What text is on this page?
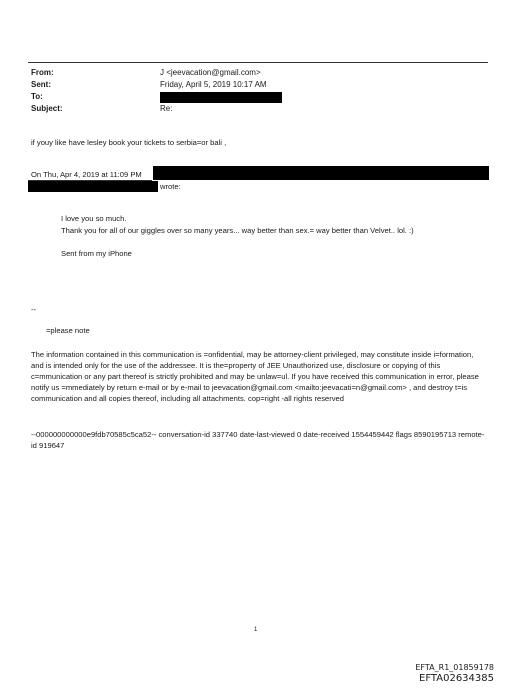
From:	J <jeevacation@gmail.com>
Sent:	Friday, April 5, 2019 10:17 AM
To:
Subject:	Re:
if youy like have lesley book your tickets to serbia=or bali ,
On Thu, Apr 4, 2019 at 11:09 PM
wrote:
I love you so much.
Thank you for all of our giggles over so many years... way better than sex.= way better than Velvet.. lol. :)
Sent from my iPhone
--
=please note
The information contained in this communication is =onfidential, may be attorney-client privileged, may constitute inside i=formation, and is intended only for the use of the addressee. It is the=property of JEE Unauthorized use, disclosure or copying of this c=mmunication or any part thereof is strictly prohibited and may be unlaw=ul. If you have received this communication in error, please notify us =mmediately by return e-mail or by e-mail to jeevacation@gmail.com <mailto:jeevacati=n@gmail.com> , and destroy t=is communication and all copies thereof, including all attachments. cop=right -all rights reserved
--000000000000e9fdb70585c5ca52-- conversation-id 337740 date-last-viewed 0 date-received 1554459442 flags 8590195713 remote-id 919647
1
EFTA_R1_01859178
EFTA02634385
